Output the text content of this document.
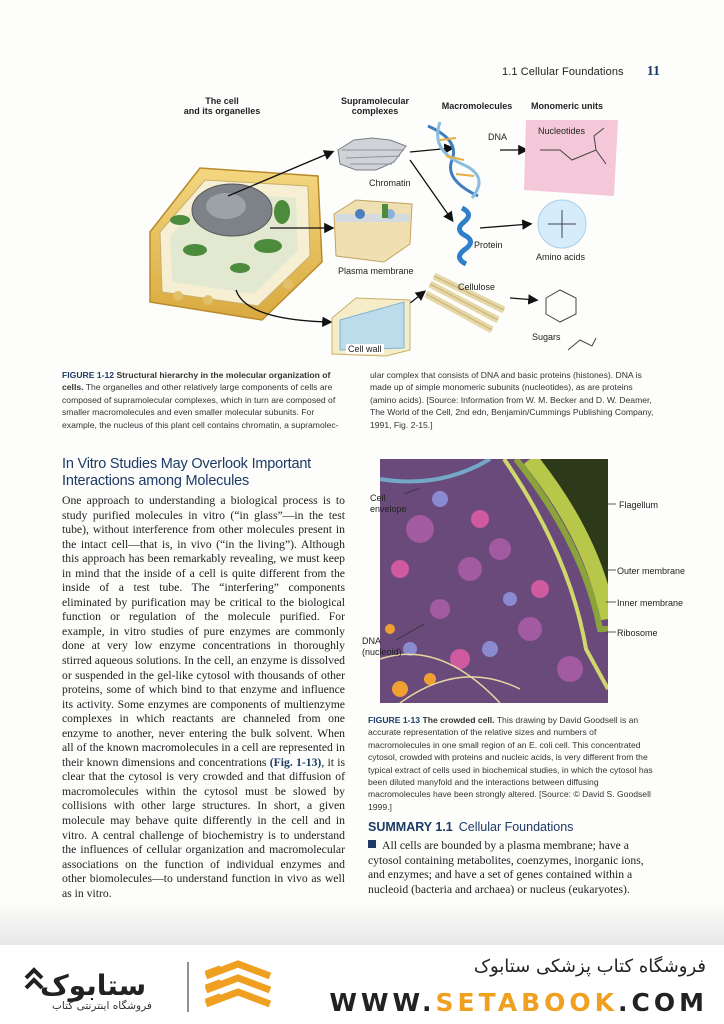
1.1 Cellular Foundations 11
The cell
and its organelles
Supramolecular
complexes	Macromolecules	Monomeric units
DNA
Nucleotides
Chromatin
Protein
Amino acids
Plasma membrane
Cellulose
Sugars
Cell wall
FIGURE 1-12 Structural hierarchy in the molecular organization of cells. The organelles and other relatively large components of cells are composed of supramolecular complexes, which in turn are composed of smaller macromolecules and even smaller molecular subunits. For example, the nucleus of this plant cell contains chromatin, a supramolec-
ular complex that consists of DNA and basic proteins (histones). DNA is made up of simple monomeric subunits (nucleotides), as are proteins (amino acids). [Source: Information from W. M. Becker and D. W. Deamer, The World of the Cell, 2nd edn, Benjamin/Cummings Publishing Company, 1991, Fig. 2-15.]
In Vitro Studies May Overlook Important Interactions among Molecules
One approach to understanding a biological process is to study purified molecules in vitro (“in glass”—in the test tube), without interference from other molecules present in the intact cell—that is, in vivo (“in the living”). Although this approach has been remarkably revealing, we must keep in mind that the inside of a cell is quite different from the inside of a test tube. The “interfering” components eliminated by purification may be critical to the biological function or regulation of the molecule purified. For example, in vitro studies of pure enzymes are commonly done at very low enzyme concentrations in thoroughly stirred aqueous solutions. In the cell, an enzyme is dissolved or suspended in the gel-like cytosol with thousands of other proteins, some of which bind to that enzyme and influence its activity. Some enzymes are components of multienzyme complexes in which reactants are channeled from one enzyme to another, never entering the bulk solvent. When all of the known macromolecules in a cell are represented in their known dimensions and concentrations (Fig. 1-13), it is clear that the cytosol is very crowded and that diffusion of macromolecules within the cytosol must be slowed by collisions with other large structures. In short, a given molecule may behave quite differently in the cell and in vitro. A central challenge of biochemistry is to understand the influences of cellular organization and macromolecular associations on the function of individual enzymes and other biomolecules—to understand function in vivo as well as in vitro.
Cell
envelope	Flagellum
Outer membrane
Inner membrane
Ribosome
DNA
(nucleoid)
FIGURE 1-13 The crowded cell. This drawing by David Goodsell is an accurate representation of the relative sizes and numbers of macromolecules in one small region of an E. coli cell. This concentrated cytosol, crowded with proteins and nucleic acids, is very different from the typical extract of cells used in biochemical studies, in which the cytosol has been diluted manyfold and the interactions between diffusing macromolecules have been strongly altered. [Source: © David S. Goodsell 1999.]
SUMMARY 1.1 Cellular Foundations
All cells are bounded by a plasma membrane; have a cytosol containing metabolites, coenzymes, inorganic ions, and enzymes; and have a set of genes contained within a nucleoid (bacteria and archaea) or nucleus (eukaryotes).
ستابوک
فروشگاه اینترنتی کتاب
فروشگاه کتاب پزشکی ستابوک
WWW.SETABOOK.COM
